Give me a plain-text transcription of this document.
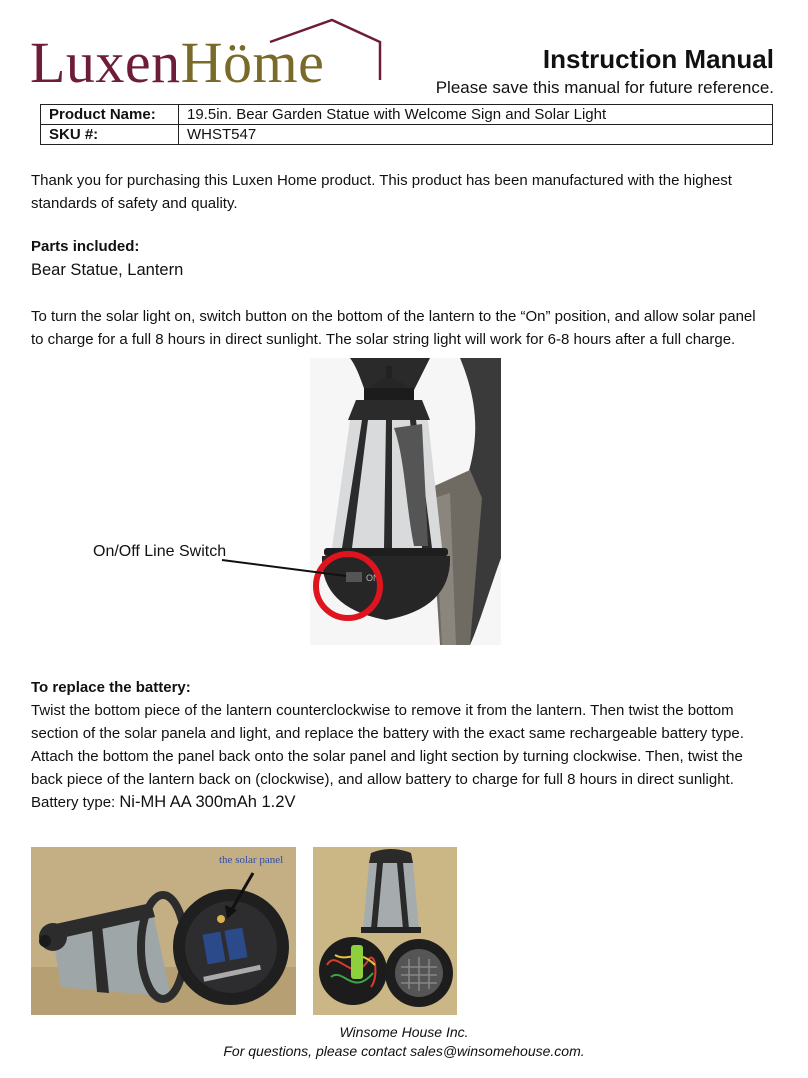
LuxenHöme	Instruction Manual
Please save this manual for future reference.
Product Name:	19.5in. Bear Garden Statue with Welcome Sign and Solar Light
SKU #:	WHST547
Thank you for purchasing this Luxen Home product. This product has been manufactured with the highest
standards of safety and quality.
Parts included:
Bear Statue, Lantern
To turn the solar light on, switch button on the bottom of the lantern to the “On” position, and allow solar panel
to charge for a full 8 hours in direct sunlight. The solar string light will work for 6-8 hours after a full charge.
ON
On/Off Line Switch
To replace the battery:
Twist the bottom piece of the lantern counterclockwise to remove it from the lantern. Then twist the bottom
section of the solar panela and light, and replace the battery with the exact same rechargeable battery type.
Attach the bottom the panel back onto the solar panel and light section by turning clockwise. Then, twist the
back piece of the lantern back on (clockwise), and allow battery to charge for full 8 hours in direct sunlight.
Battery type: Ni-MH AA 300mAh 1.2V
the solar panel
Winsome House Inc.
For questions, please contact sales@winsomehouse.com.
